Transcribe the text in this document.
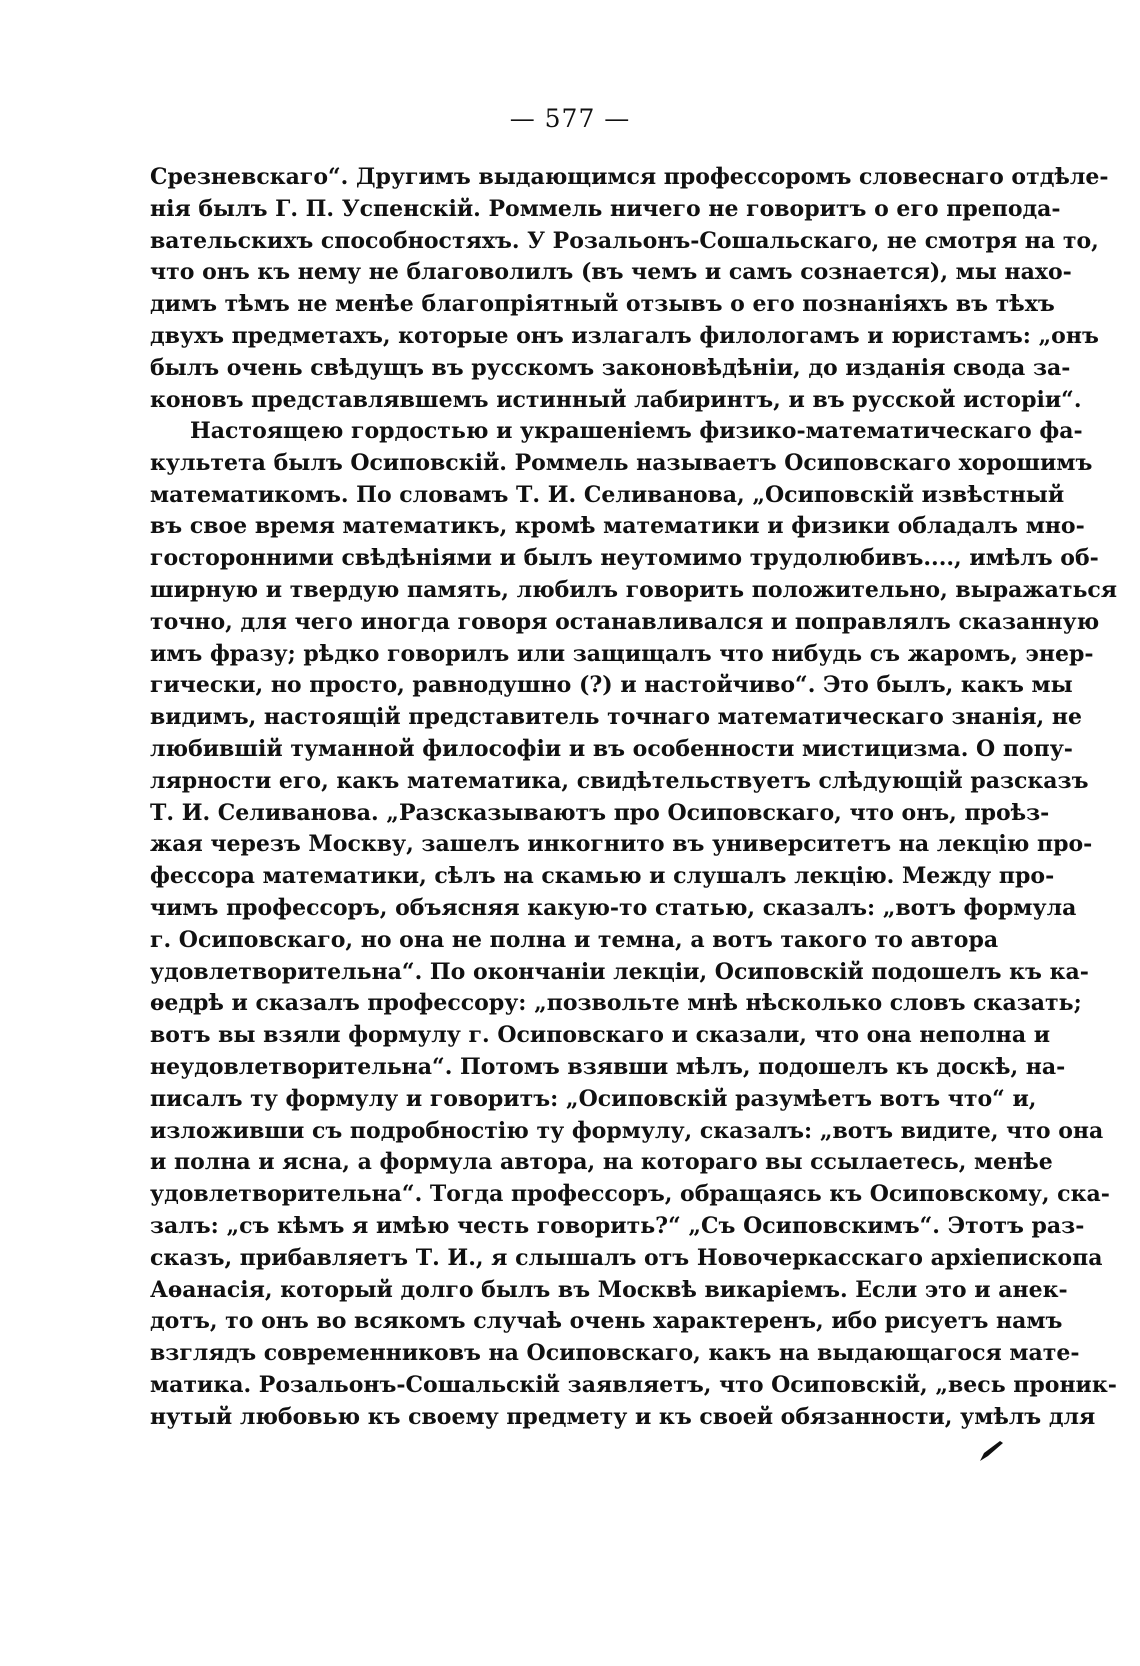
— 577 —
Срезневскаго“. Другимъ выдающимся профессоромъ словеснаго отдѣле-
нія былъ Г. П. Успенскій. Роммель ничего не говоритъ о его препода-
вательскихъ способностяхъ. У Розальонъ-Сошальскаго, не смотря на то,
что онъ къ нему не благоволилъ (въ чемъ и самъ сознается), мы нахо-
димъ тѣмъ не менѣе благопріятный отзывъ о его познаніяхъ въ тѣхъ
двухъ предметахъ, которые онъ излагалъ филологамъ и юристамъ: „онъ
былъ очень свѣдущъ въ русскомъ законовѣдѣніи, до изданія свода за-
коновъ представлявшемъ истинный лабиринтъ, и въ русской исторіи“.
Настоящею гордостью и украшеніемъ физико-математическаго фа-
культета былъ Осиповскій. Роммель называетъ Осиповскаго хорошимъ
математикомъ. По словамъ Т. И. Селиванова, „Осиповскій извѣстный
въ свое время математикъ, кромѣ математики и физики обладалъ мно-
госторонними свѣдѣніями и былъ неутомимо трудолюбивъ...., имѣлъ об-
ширную и твердую память, любилъ говорить положительно, выражаться
точно, для чего иногда говоря останавливался и поправлялъ сказанную
имъ фразу; рѣдко говорилъ или защищалъ что нибудь съ жаромъ, энер-
гически, но просто, равнодушно (?) и настойчиво“. Это былъ, какъ мы
видимъ, настоящій представитель точнаго математическаго знанія, не
любившій туманной философіи и въ особенности мистицизма. О попу-
лярности его, какъ математика, свидѣтельствуетъ слѣдующій разсказъ
Т. И. Селиванова. „Разсказываютъ про Осиповскаго, что онъ, проѣз-
жая черезъ Москву, зашелъ инкогнито въ университетъ на лекцію про-
фессора математики, сѣлъ на скамью и слушалъ лекцію. Между про-
чимъ профессоръ, объясняя какую-то статью, сказалъ: „вотъ формула
г. Осиповскаго, но она не полна и темна, а вотъ такого то автора
удовлетворительна“. По окончаніи лекціи, Осиповскій подошелъ къ ка-
ѳедрѣ и сказалъ профессору: „позвольте мнѣ нѣсколько словъ сказать;
вотъ вы взяли формулу г. Осиповскаго и сказали, что она неполна и
неудовлетворительна“. Потомъ взявши мѣлъ, подошелъ къ доскѣ, на-
писалъ ту формулу и говоритъ: „Осиповскій разумѣетъ вотъ что“ и,
изложивши съ подробностію ту формулу, сказалъ: „вотъ видите, что она
и полна и ясна, а формула автора, на котораго вы ссылаетесь, менѣе
удовлетворительна“. Тогда профессоръ, обращаясь къ Осиповскому, ска-
залъ: „съ кѣмъ я имѣю честь говорить?“ „Съ Осиповскимъ“. Этотъ раз-
сказъ, прибавляетъ Т. И., я слышалъ отъ Новочеркасскаго архіепископа
Аѳанасія, который долго былъ въ Москвѣ викаріемъ. Если это и анек-
дотъ, то онъ во всякомъ случаѣ очень характеренъ, ибо рисуетъ намъ
взглядъ современниковъ на Осиповскаго, какъ на выдающагося мате-
матика. Розальонъ-Сошальскій заявляетъ, что Осиповскій, „весь проник-
нутый любовью къ своему предмету и къ своей обязанности, умѣлъ для
